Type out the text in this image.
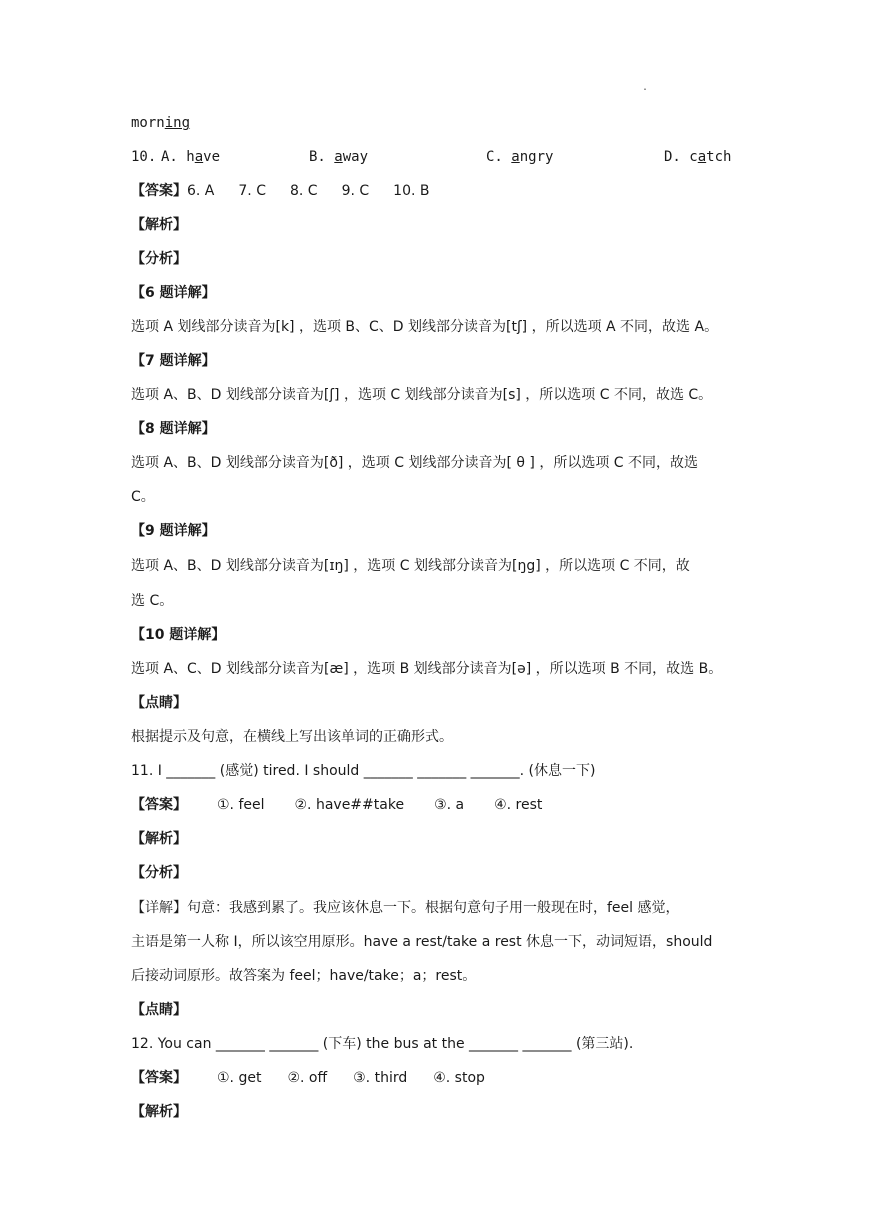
.
morning
10. A. have	B. away	C. angry	D. catch
【答案】6. A 7. C 8. C 9. C 10. B
【解析】
【分析】
【6 题详解】
选项 A 划线部分读音为[k] ，选项 B、C、D 划线部分读音为[tʃ] ，所以选项 A 不同，故选 A。
【7 题详解】
选项 A、B、D 划线部分读音为[ʃ] ，选项 C 划线部分读音为[s] ，所以选项 C 不同，故选 C。
【8 题详解】
选项 A、B、D 划线部分读音为[ð] ，选项 C 划线部分读音为[ θ ] ，所以选项 C 不同，故选
C。
【9 题详解】
选项 A、B、D 划线部分读音为[ɪŋ] ，选项 C 划线部分读音为[ŋg] ，所以选项 C 不同，故
选 C。
【10 题详解】
选项 A、C、D 划线部分读音为[æ] ，选项 B 划线部分读音为[ə] ，所以选项 B 不同，故选 B。
【点睛】
根据提示及句意，在横线上写出该单词的正确形式。
11. I _______ (感觉) tired. I should _______ _______ _______. (休息一下)
【答案】 ①. feel ②. have##take ③. a ④. rest
【解析】
【分析】
【详解】句意：我感到累了。我应该休息一下。根据句意句子用一般现在时，feel 感觉，
主语是第一人称 I，所以该空用原形。have a rest/take a rest 休息一下，动词短语，should
后接动词原形。故答案为 feel；have/take；a；rest。
【点睛】
12. You can _______ _______ (下车) the bus at the _______ _______ (第三站).
【答案】 ①. get ②. off ③. third ④. stop
【解析】
